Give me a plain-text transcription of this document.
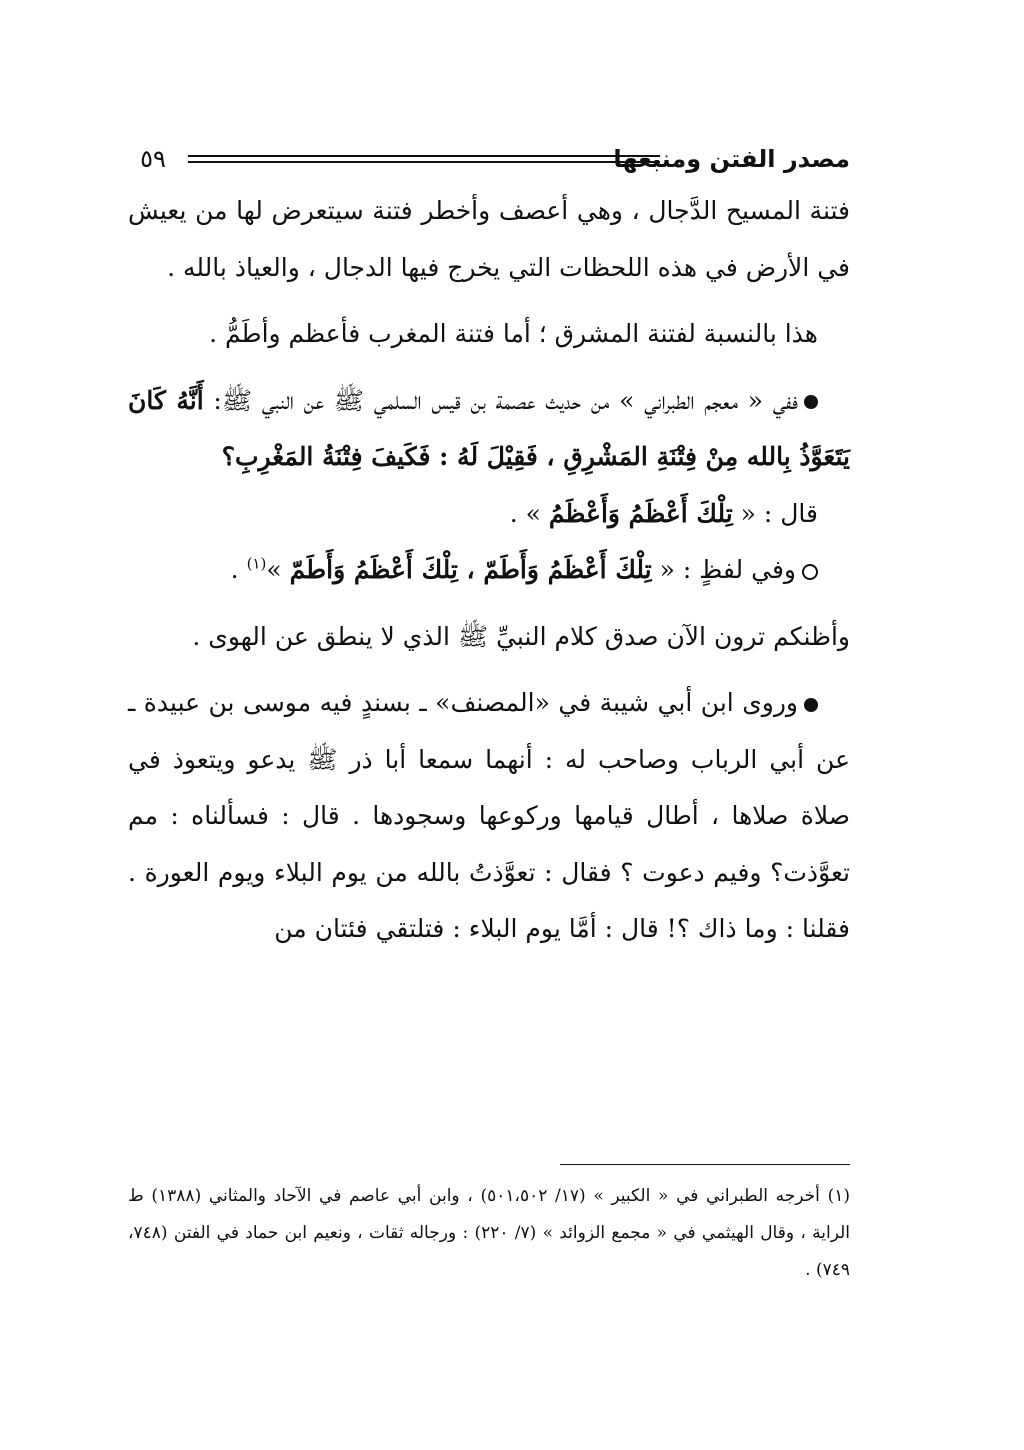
مصدر الفتن ومنبعها
٥٩

فتنة المسيح الدَّجال ، وهي أعصف وأخطر فتنة سيتعرض لها من يعيش في الأرض في هذه اللحظات التي يخرج فيها الدجال ، والعياذ بالله .

هذا بالنسبة لفتنة المشرق ؛ أما فتنة المغرب فأعظم وأطَمُّ .

ففي « معجم الطبراني » من حديث عصمة بن قيس السلمي ﷺ عن النبي ﷺ: أَنَّهُ كَانَ يَتَعَوَّذُ بِالله مِنْ فِتْنَةِ المَشْرِقِ ، فَقِيْلَ لَهُ : فَكَيفَ فِتْنَةُ المَغْرِبِ؟

قال : « تِلْكَ أَعْظَمُ وَأَعْظَمُ » .

وفي لفظٍ : « تِلْكَ أَعْظَمُ وَأَطَمّ ، تِلْكَ أَعْظَمُ وَأَطَمّ »$^{(١)}$ .

وأظنكم ترون الآن صدق كلام النبيِّ ﷺ الذي لا ينطق عن الهوى .

وروى ابن أبي شيبة في «المصنف» ـ بسندٍ فيه موسى بن عبيدة ـ عن أبي الرباب وصاحب له : أنهما سمعا أبا ذر ﷺ يدعو ويتعوذ في صلاة صلاها ، أطال قيامها وركوعها وسجودها . قال : فسألناه : مم تعوَّذت؟ وفيم دعوت ؟ فقال : تعوَّذتُ بالله من يوم البلاء ويوم العورة . فقلنا : وما ذاك ؟! قال : أمَّا يوم البلاء : فتلتقي فئتان من

(١) أخرجه الطبراني في « الكبير » (١٧/ ٥٠١،٥٠٢) ، وابن أبي عاصم في الآحاد والمثاني (١٣٨٨) ط الراية ، وقال الهيثمي في « مجمع الزوائد » (٧/ ٢٢٠) : ورجاله ثقات ، ونعيم ابن حماد في الفتن (٧٤٨، ٧٤٩) .
